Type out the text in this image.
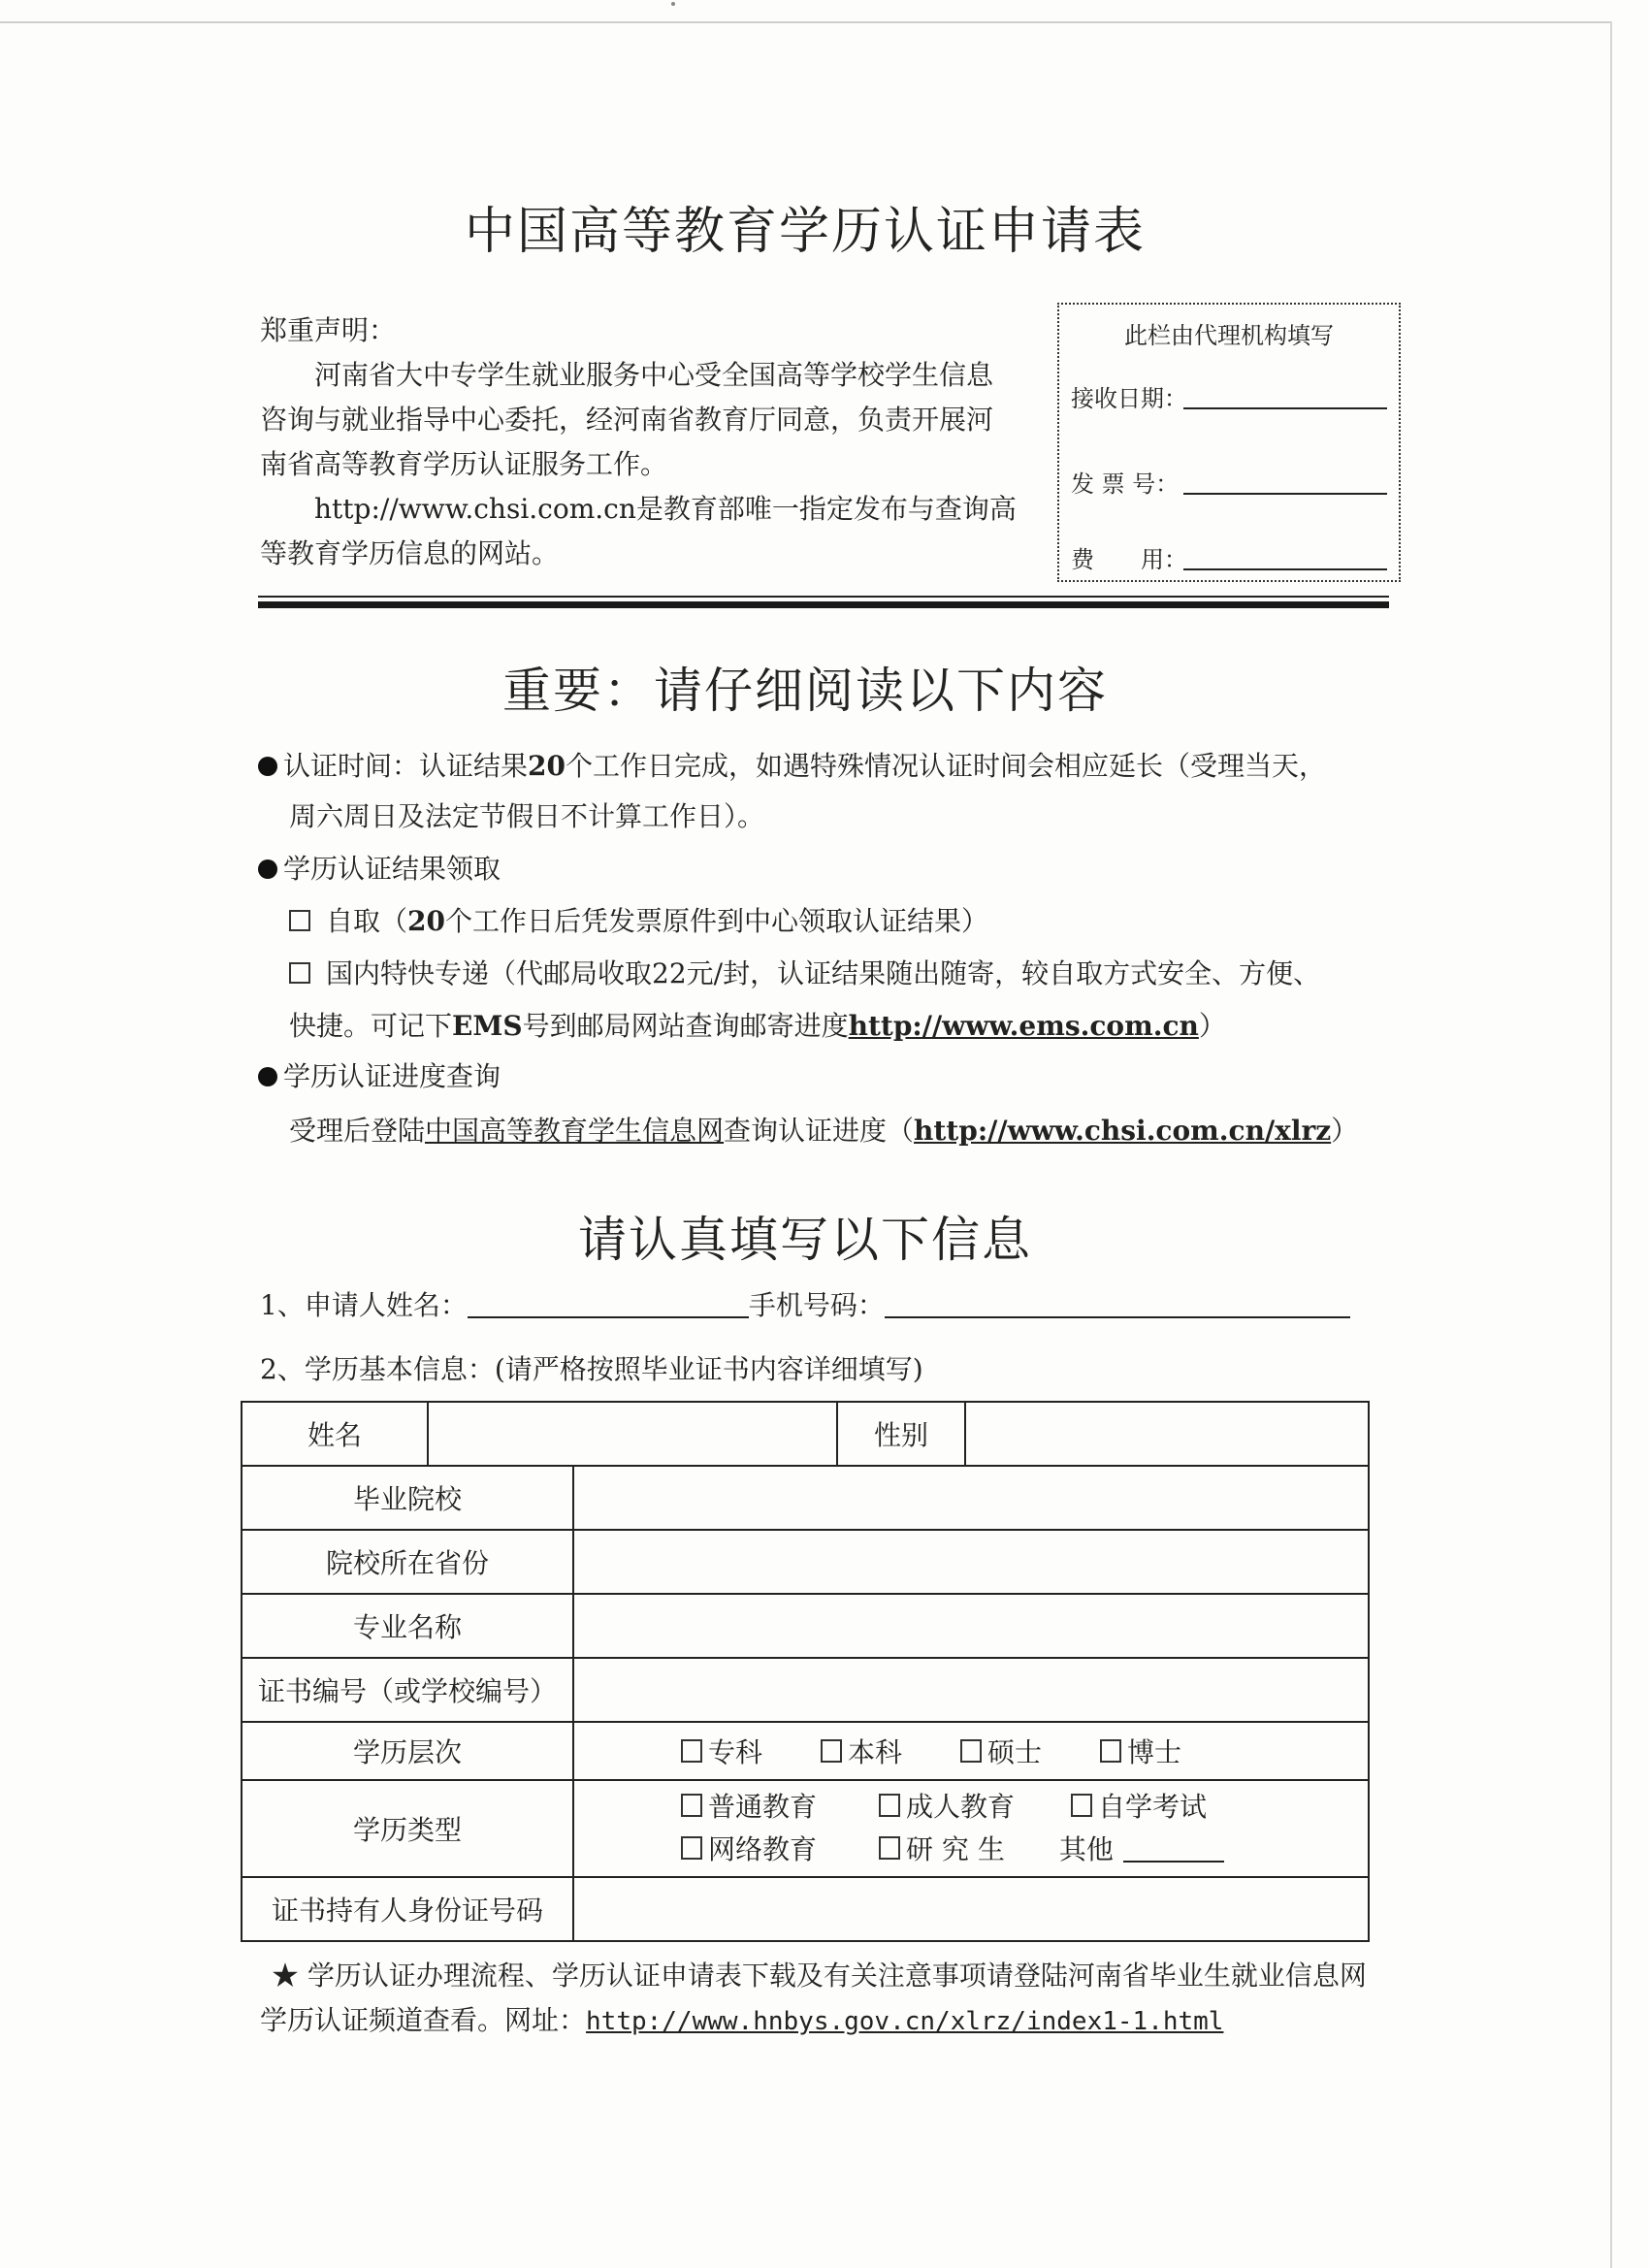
中国高等教育学历认证申请表
郑重声明：

河南省大中专学生就业服务中心受全国高等学校学生信息咨询与就业指导中心委托，经河南省教育厅同意，负责开展河南省高等教育学历认证服务工作。

http://www.chsi.com.cn是教育部唯一指定发布与查询高等教育学历信息的网站。

此栏由代理机构填写
接收日期：
发 票 号：
费　　用：
重要：请仔细阅读以下内容
认证时间：认证结果20个工作日完成，如遇特殊情况认证时间会相应延长（受理当天，
周六周日及法定节假日不计算工作日）。
学历认证结果领取
自取（20个工作日后凭发票原件到中心领取认证结果）
国内特快专递（代邮局收取22元/封，认证结果随出随寄，较自取方式安全、方便、
快捷。可记下EMS号到邮局网站查询邮寄进度http://www.ems.com.cn）
学历认证进度查询
受理后登陆中国高等教育学生信息网查询认证进度（http://www.chsi.com.cn/xlrz）
请认真填写以下信息
1、申请人姓名：	手机号码：
2、学历基本信息：(请严格按照毕业证书内容详细填写)
姓名		性别	
毕业院校	
院校所在省份	
专业名称	
证书编号（或学校编号）	
学历层次	专科 本科 硕士 博士
学历类型	普通教育 成人教育 自学考试
网络教育 研 究 生 其他

证书持有人身份证号码	

★ 学历认证办理流程、学历认证申请表下载及有关注意事项请登陆河南省毕业生就业信息网学历认证频道查看。网址：http://www.hnbys.gov.cn/xlrz/index1-1.html
